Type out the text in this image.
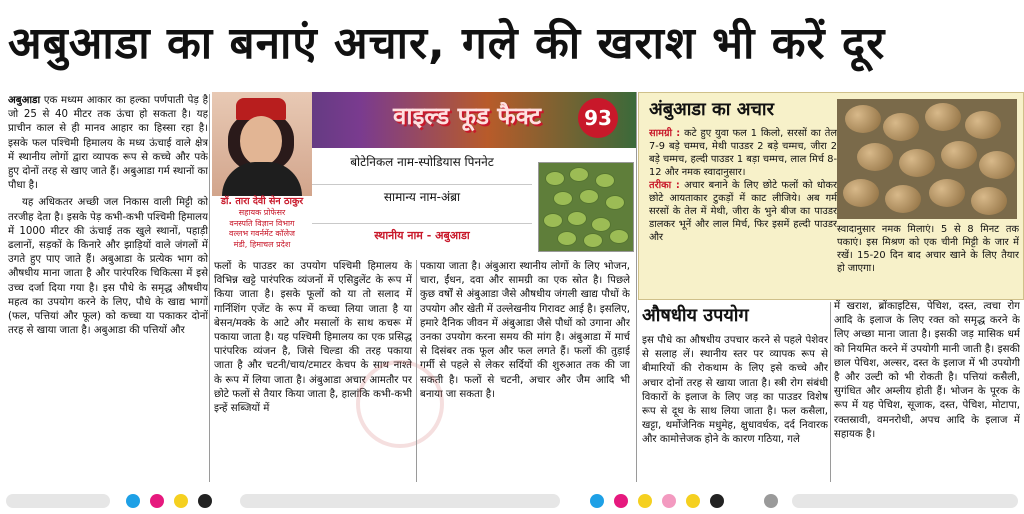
अबुआडा का बनाएं अचार, गले की खराश भी करें दूर

अबुआडा एक मध्यम आकार का हल्का पर्णपाती पेड़ है जो 25 से 40 मीटर तक ऊंचा हो सकता है। यह प्राचीन काल से ही मानव आहार का हिस्सा रहा है। इसके फल पश्चिमी हिमालय के मध्य ऊंचाई वाले क्षेत्र में स्थानीय लोगों द्वारा व्यापक रूप से कच्चे और पके हुए दोनों तरह से खाए जाते हैं। अबुआडा गर्म स्थानों का पौधा है।

यह अधिकतर अच्छी जल निकास वाली मिट्टी को तरजीह देता है। इसके पेड़ कभी-कभी पश्चिमी हिमालय में 1000 मीटर की ऊंचाई तक खुले स्थानों, पहाड़ी ढलानों, सड़कों के किनारे और झाड़ियों वाले जंगलों में उगते हुए पाए जाते हैं। अबुआडा के प्रत्येक भाग को औषधीय माना जाता है और पारंपरिक चिकित्सा में इसे उच्च दर्जा दिया गया है। इस पौधे के समृद्ध औषधीय महत्व का उपयोग करने के लिए, पौधे के खाद्य भागों (फल, पत्तियां और फूल) को कच्चा या पकाकर दोनों तरह से खाया जाता है। अबुआडा की पत्तियों और

वाइल्ड फूड फैक्ट	93
बोटेनिकल नाम-स्पोडियास पिननेट
सामान्य नाम-अंब्रा
स्थानीय नाम - अबुआडा
डॉ. तारा देवी सेन ठाकुर
सहायक प्रोफेसर
वनस्पति विज्ञान विभाग
वल्लभ गवर्नमेंट कॉलेज
मंडी, हिमाचल प्रदेश

फलों के पाउडर का उपयोग पश्चिमी हिमालय के विभिन्न खट्टे पारंपरिक व्यंजनों में एसिडुलेंट के रूप में किया जाता है। इसके फूलों को या तो सलाद में गार्निशिंग एजेंट के रूप में कच्चा लिया जाता है या बेसन/मक्के के आटे और मसालों के साथ कचरू में पकाया जाता है। यह पश्चिमी हिमालय का एक प्रसिद्ध पारंपरिक व्यंजन है, जिसे चिल्डा की तरह पकाया जाता है और चटनी/चाय/टमाटर केचप के साथ नाश्ते के रूप में लिया जाता है। अंबुआडा अचार आमतौर पर छोटे फलों से तैयार किया जाता है, हालांकि कभी-कभी इन्हें सब्जियों में

पकाया जाता है। अंबुआरा स्थानीय लोगों के लिए भोजन, चारा, ईंधन, दवा और सामग्री का एक स्रोत है। पिछले कुछ वर्षों से अंबुआडा जैसे औषधीय जंगली खाद्य पौधों के उपयोग और खेती में उल्लेखनीय गिरावट आई है। इसलिए, हमारे दैनिक जीवन में अंबुआडा जैसे पौधों को उगाना और उनका उपयोग करना समय की मांग है। अंबुआडा में मार्च से दिसंबर तक फूल और फल लगते हैं। फलों की तुड़ाई गर्मी से पहले से लेकर सर्दियों की शुरुआत तक की जा सकती है। फलों से चटनी, अचार और जैम आदि भी बनाया जा सकता है।

अंबुआडा का अचार
सामग्री : कटे हुए युवा फल 1 किलो, सरसों का तेल 7-9 बड़े चम्मच, मेथी पाउडर 2 बड़े चम्मच, जीरा 2 बड़े चम्मच, हल्दी पाउडर 1 बड़ा चम्मच, लाल मिर्च 8-12 और नमक स्वादानुसार।
तरीका : अचार बनाने के लिए छोटे फलों को धोकर छोटे आयताकार टुकड़ों में काट लीजिये। अब गर्म सरसों के तेल में मेथी, जीरा के भुने बीज का पाउडर डालकर भूनें और लाल मिर्च, फिर इसमें हल्दी पाउडर और
स्वादानुसार नमक मिलाएं। 5 से 8 मिनट तक पकाएं। इस मिश्रण को एक चीनी मिट्टी के जार में रखें। 15-20 दिन बाद अचार खाने के लिए तैयार हो जाएगा।
औषधीय उपयोग

इस पौधे का औषधीय उपचार करने से पहले पेशेवर से सलाह लें। स्थानीय स्तर पर व्यापक रूप से बीमारियों की रोकथाम के लिए इसे कच्चे और अचार दोनों तरह से खाया जाता है। स्त्री रोग संबंधी विकारों के इलाज के लिए जड़ का पाउडर विशेष रूप से दूध के साथ लिया जाता है। फल कसैला, खट्टा, थर्मोजेनिक मधुमेह, क्षुधावर्धक, दर्द निवारक और कामोत्तेजक होने के कारण गठिया, गले

में खराश, ब्रोंकाइटिस, पेचिश, दस्त, त्वचा रोग आदि के इलाज के लिए रक्त को समृद्ध करने के लिए अच्छा माना जाता है। इसकी जड़ मासिक धर्म को नियमित करने में उपयोगी मानी जाती है। इसकी छाल पेचिश, अल्सर, दस्त के इलाज में भी उपयोगी है और उल्टी को भी रोकती है। पत्तियां कसैली, सुगंधित और अम्लीय होती हैं। भोजन के पूरक के रूप में यह पेचिश, सूजाक, दस्त, पेचिश, मोटापा, रक्तस्रावी, वमनरोधी, अपच आदि के इलाज में सहायक है।
